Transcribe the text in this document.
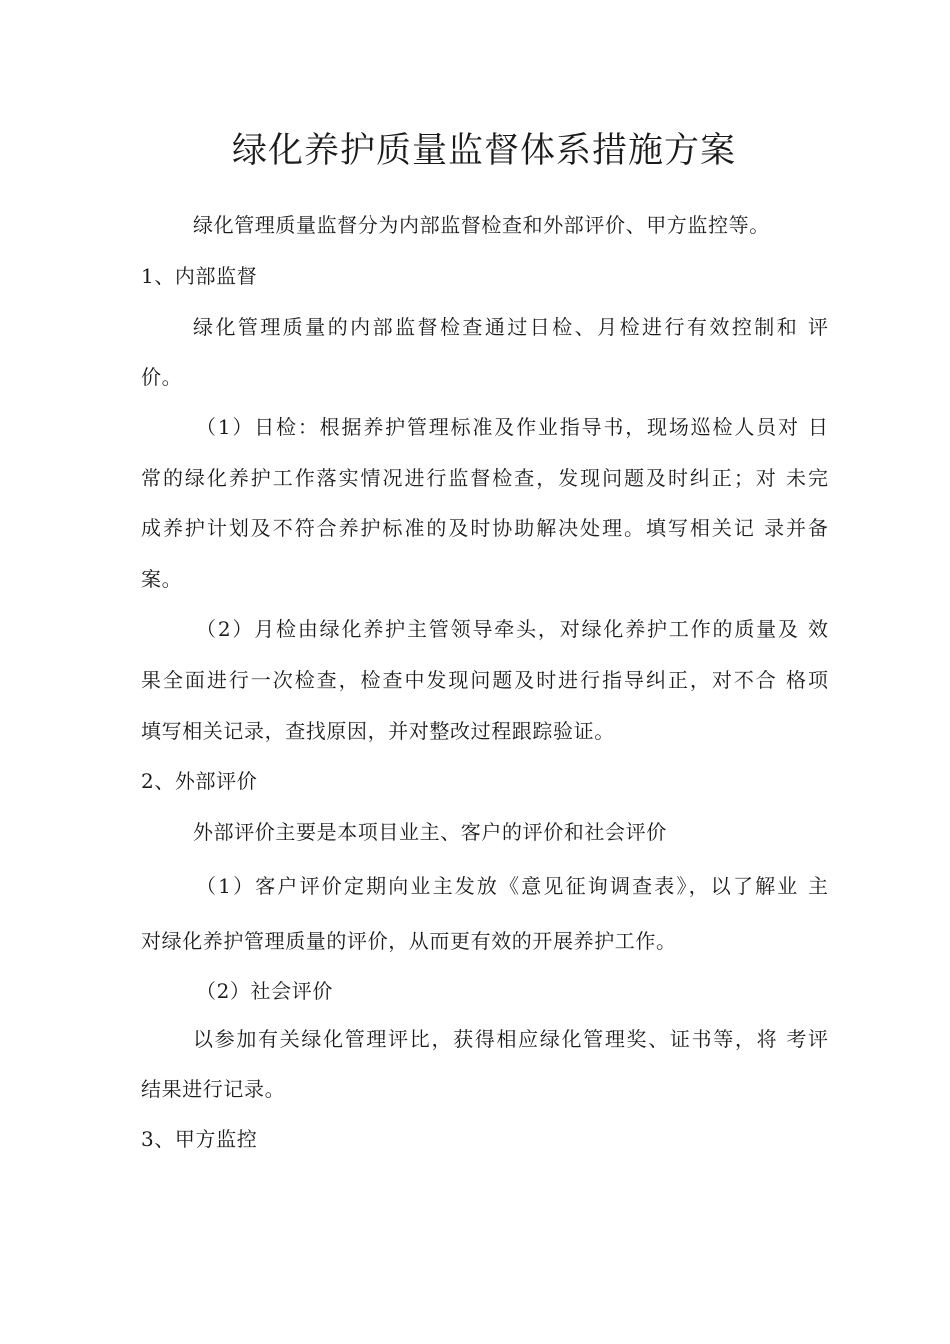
绿化养护质量监督体系措施方案
绿化管理质量监督分为内部监督检查和外部评价、甲方监控等。
1、内部监督
绿化管理质量的内部监督检查通过日检、月检进行有效控制和 评
价。
（1）日检：根据养护管理标准及作业指导书，现场巡检人员对 日
常的绿化养护工作落实情况进行监督检查，发现问题及时纠正；对 未完
成养护计划及不符合养护标准的及时协助解决处理。填写相关记 录并备
案。
（2）月检由绿化养护主管领导牵头，对绿化养护工作的质量及 效
果全面进行一次检查，检查中发现问题及时进行指导纠正，对不合 格项
填写相关记录，查找原因，并对整改过程跟踪验证。
2、外部评价
外部评价主要是本项目业主、客户的评价和社会评价
（1）客户评价定期向业主发放《意见征询调查表》，以了解业 主
对绿化养护管理质量的评价，从而更有效的开展养护工作。
（2）社会评价
以参加有关绿化管理评比，获得相应绿化管理奖、证书等，将 考评
结果进行记录。
3、甲方监控
